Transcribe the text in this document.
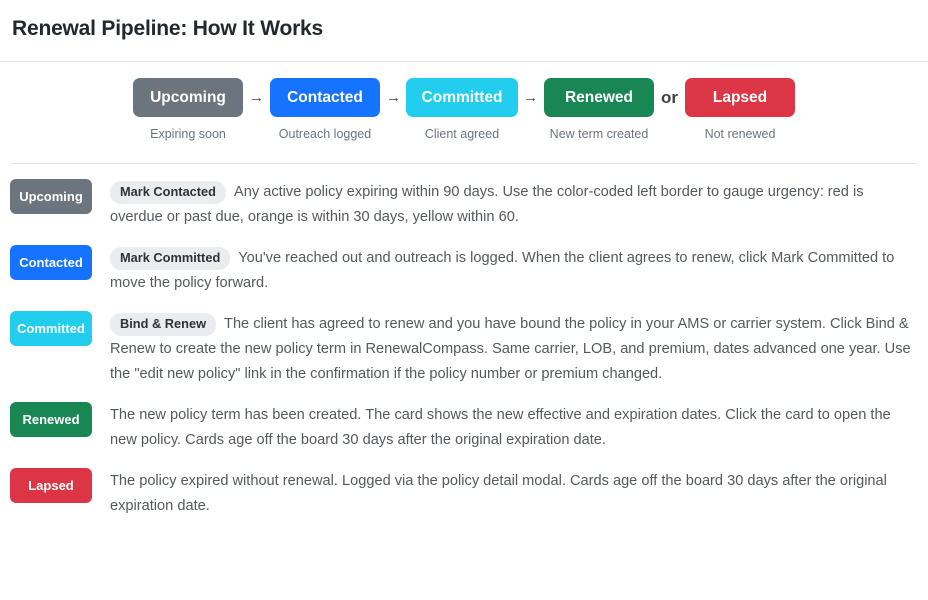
Renewal Pipeline: How It Works
Upcoming
Expiring soon
→	Contacted
Outreach logged
→	Committed
Client agreed
→	Renewed
New term created
or	Lapsed
Not renewed
Upcoming	Mark Contacted Any active policy expiring within 90 days. Use the color-coded left border to gauge urgency: red is overdue or past due, orange is within 30 days, yellow within 60.
Contacted	Mark Committed You've reached out and outreach is logged. When the client agrees to renew, click Mark Committed to move the policy forward.
Committed	Bind & Renew The client has agreed to renew and you have bound the policy in your AMS or carrier system. Click Bind & Renew to create the new policy term in RenewalCompass. Same carrier, LOB, and premium, dates advanced one year. Use the "edit new policy" link in the confirmation if the policy number or premium changed.
Renewed	The new policy term has been created. The card shows the new effective and expiration dates. Click the card to open the new policy. Cards age off the board 30 days after the original expiration date.
Lapsed	The policy expired without renewal. Logged via the policy detail modal. Cards age off the board 30 days after the original expiration date.
